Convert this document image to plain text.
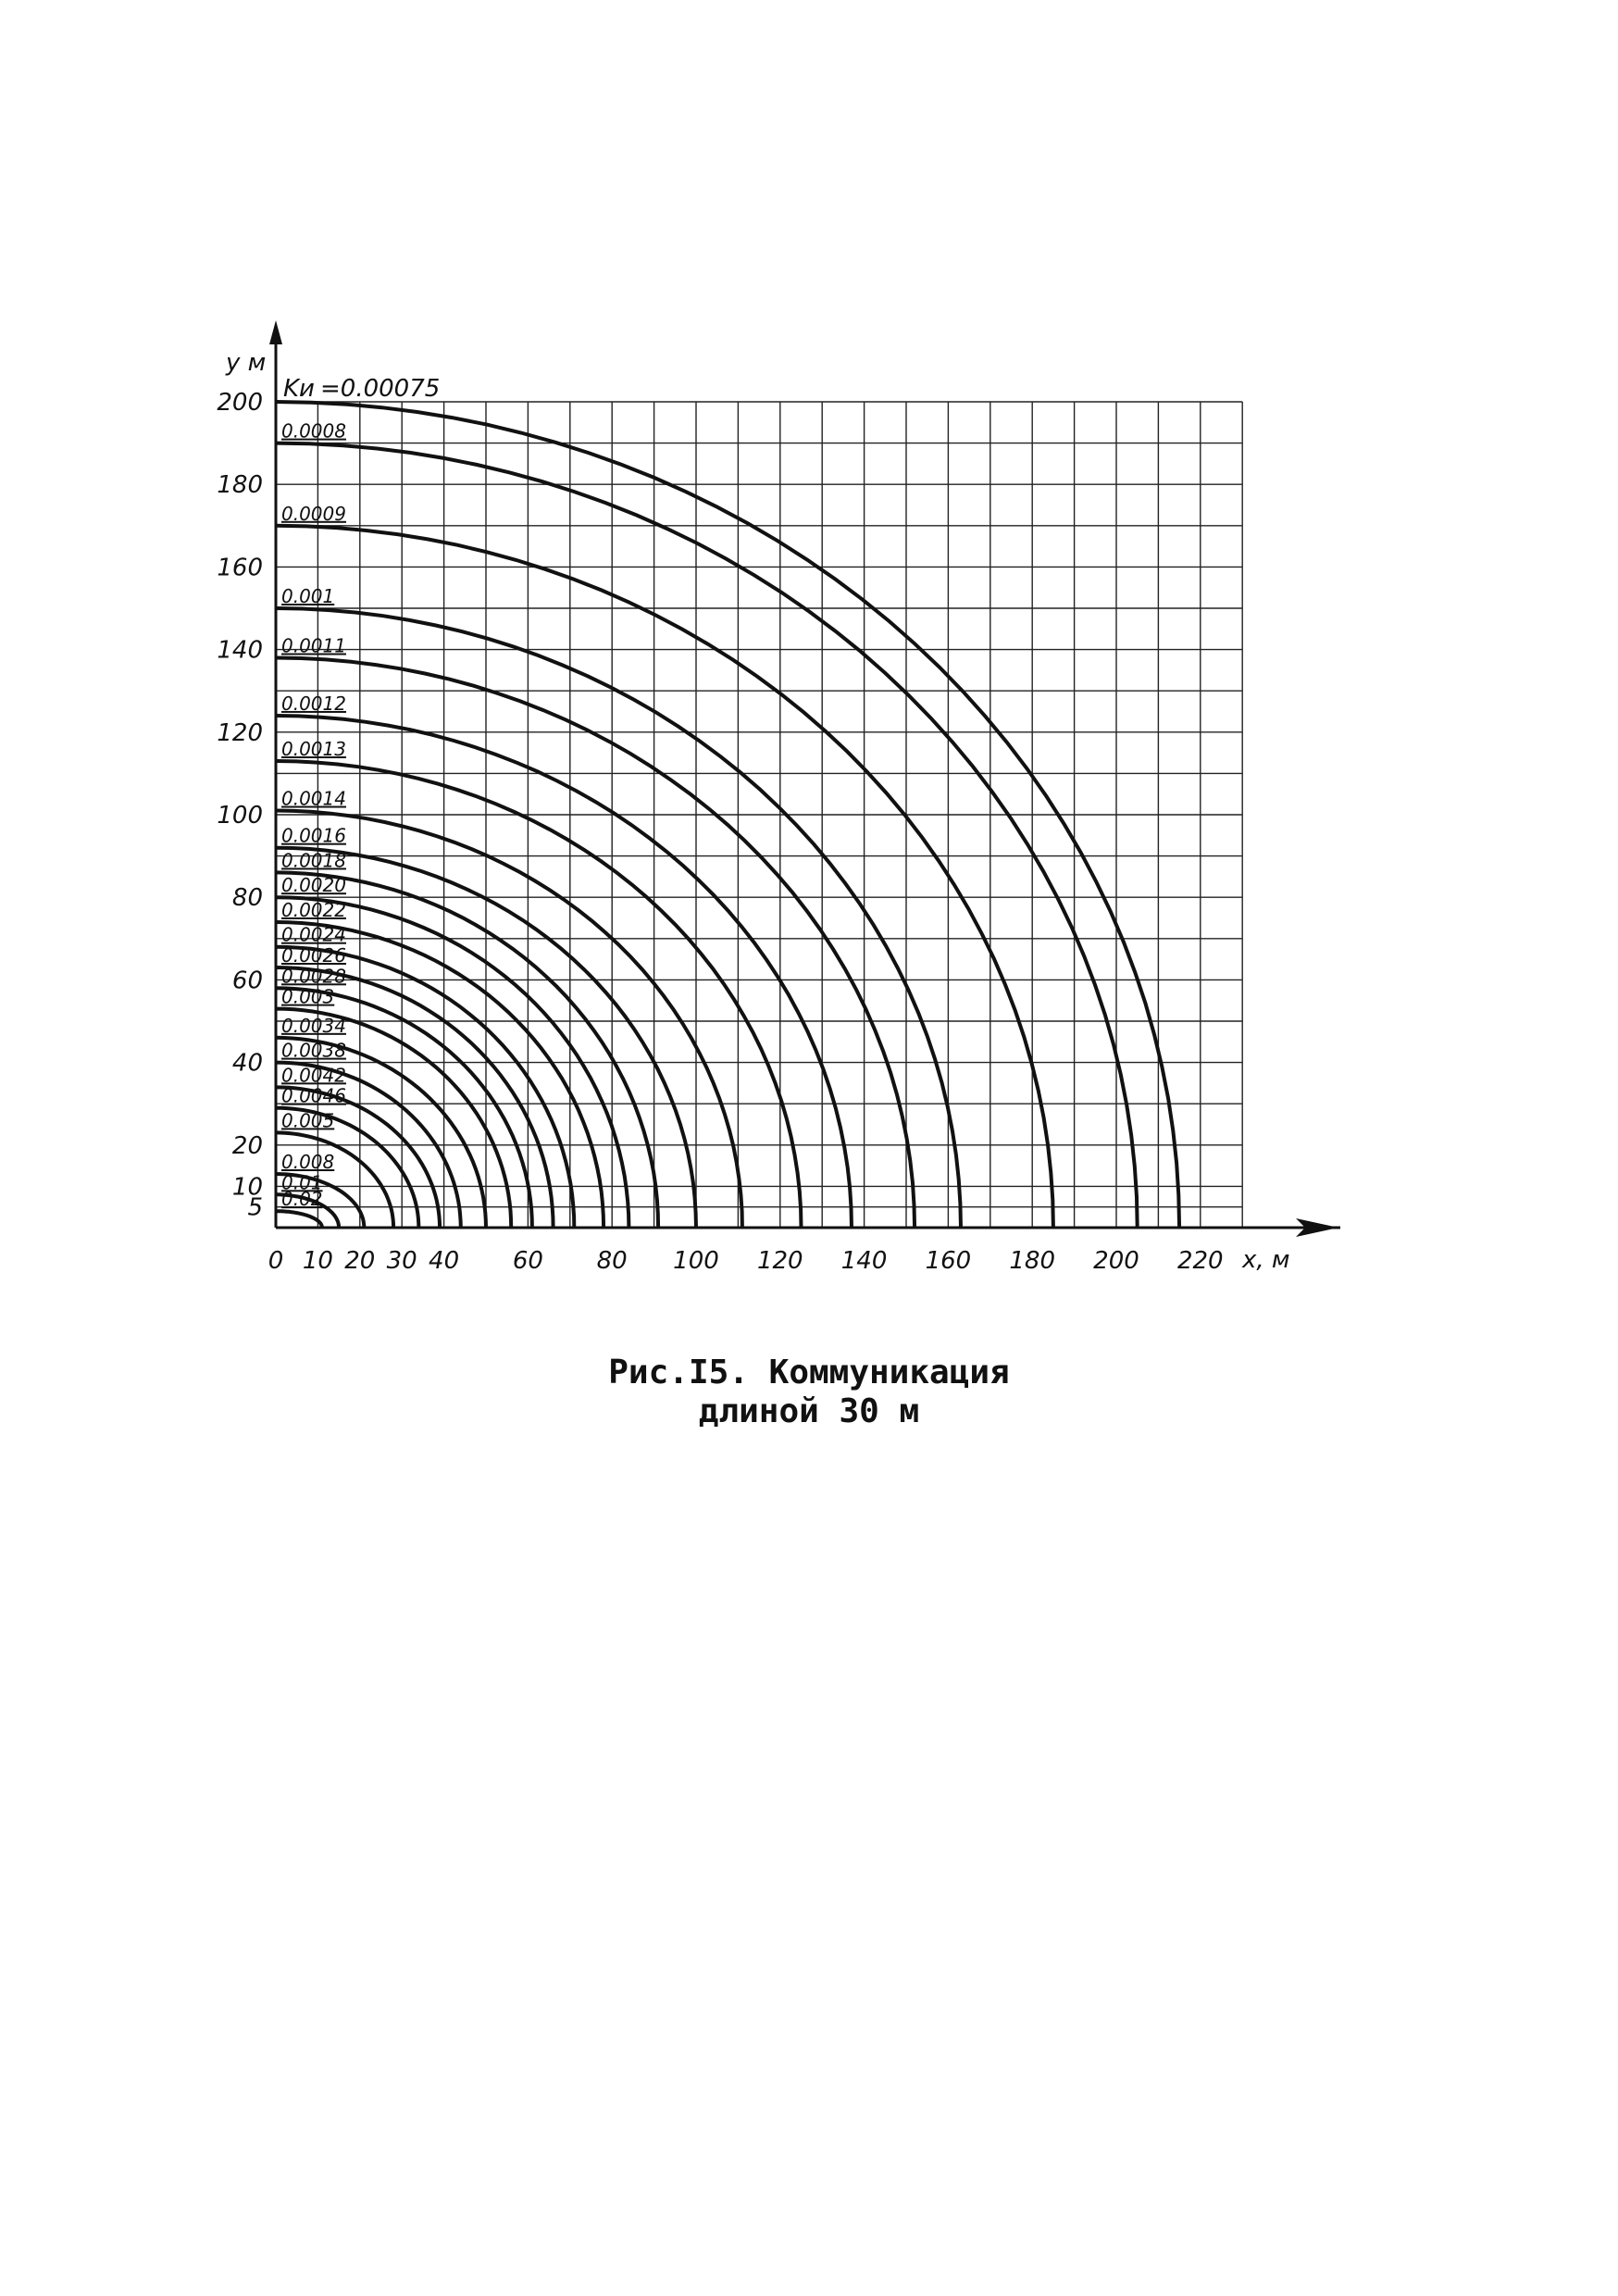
=0.00075
0.0008
0.0009
0.001
0.0011
0.0012
0.0013
0.0014
0.0016
0.0018
0.0020
0.0022
0.0024
0.0026
0.0028
0.003
0.0034
0.0038
0.0042
0.0046
0.005
0.008
0.01
0.02
0 10 20 30 40 60 80 100 120 140 160 180 200 220
5
10
20
40
60
80
100
120
140
160
180
200
y м
x, м
Kи
Рис.I5. Коммуникация
длиной 30 м
